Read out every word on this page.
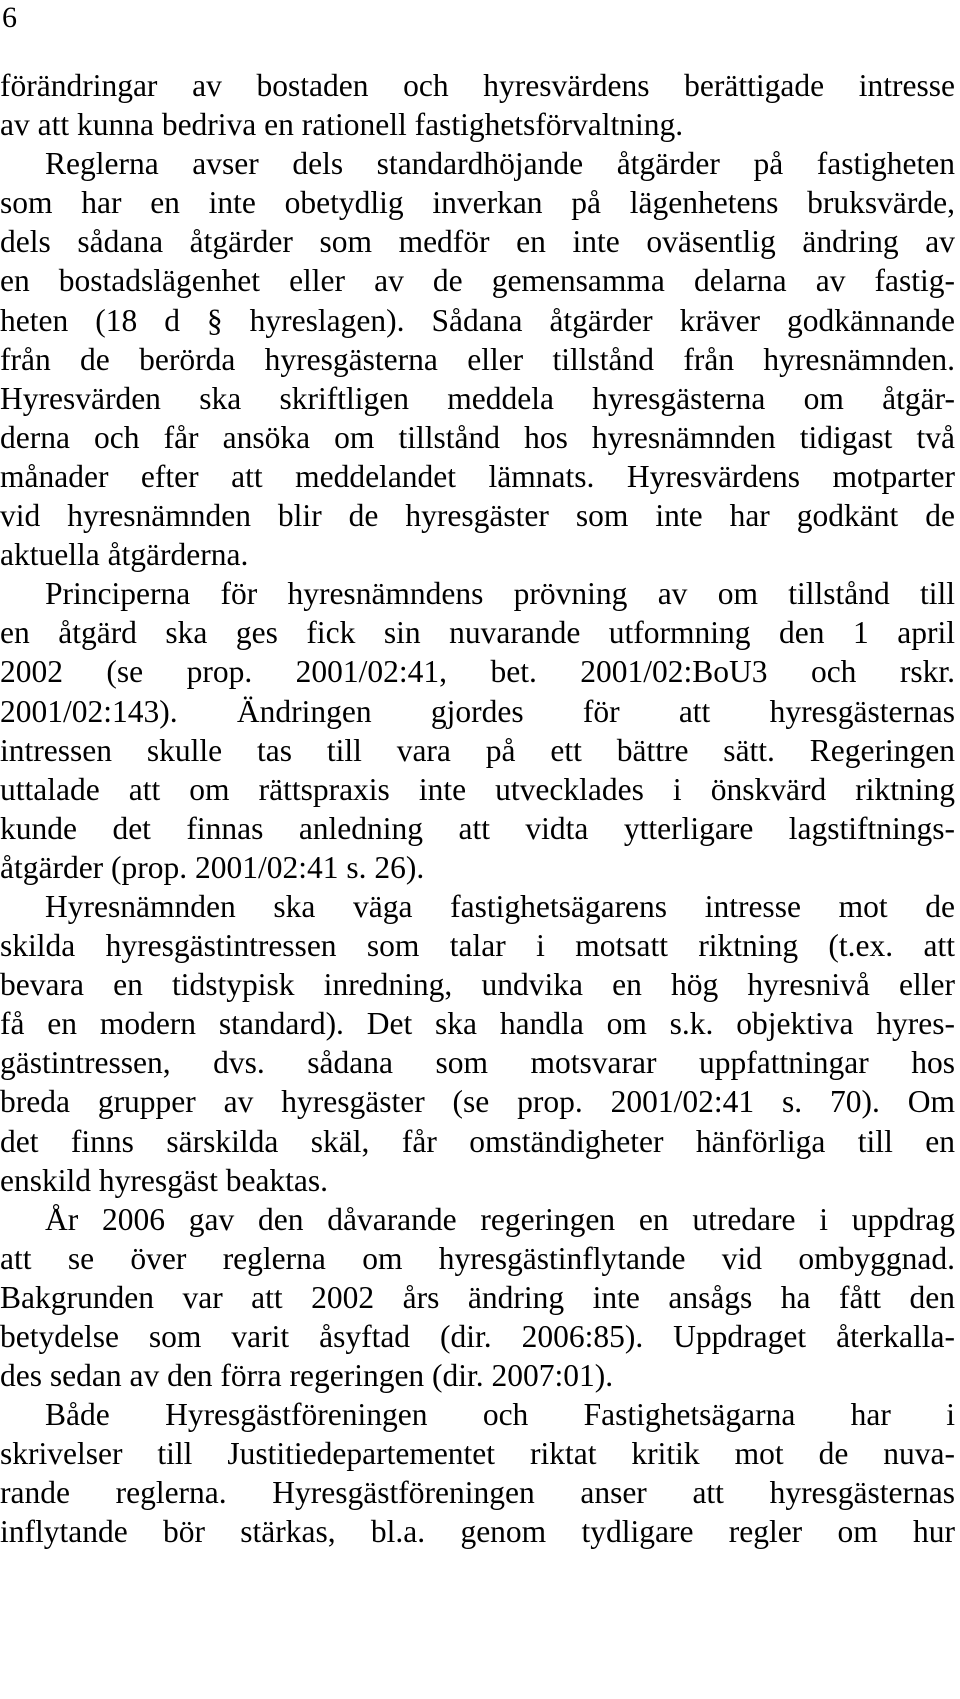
6
förändringar av bostaden och hyresvärdens berättigade intresse
av att kunna bedriva en rationell fastighetsförvaltning.
Reglerna avser dels standardhöjande åtgärder på fastigheten
som har en inte obetydlig inverkan på lägenhetens bruksvärde,
dels sådana åtgärder som medför en inte oväsentlig ändring av
en bostadslägenhet eller av de gemensamma delarna av fastig-
heten (18 d § hyreslagen). Sådana åtgärder kräver godkännande
från de berörda hyresgästerna eller tillstånd från hyresnämnden.
Hyresvärden ska skriftligen meddela hyresgästerna om åtgär-
derna och får ansöka om tillstånd hos hyresnämnden tidigast två
månader efter att meddelandet lämnats. Hyresvärdens motparter
vid hyresnämnden blir de hyresgäster som inte har godkänt de
aktuella åtgärderna.
Principerna för hyresnämndens prövning av om tillstånd till
en åtgärd ska ges fick sin nuvarande utformning den 1 april
2002 (se prop. 2001/02:41, bet. 2001/02:BoU3 och rskr.
2001/02:143). Ändringen gjordes för att hyresgästernas
intressen skulle tas till vara på ett bättre sätt. Regeringen
uttalade att om rättspraxis inte utvecklades i önskvärd riktning
kunde det finnas anledning att vidta ytterligare lagstiftnings-
åtgärder (prop. 2001/02:41 s. 26).
Hyresnämnden ska väga fastighetsägarens intresse mot de
skilda hyresgästintressen som talar i motsatt riktning (t.ex. att
bevara en tidstypisk inredning, undvika en hög hyresnivå eller
få en modern standard). Det ska handla om s.k. objektiva hyres-
gästintressen, dvs. sådana som motsvarar uppfattningar hos
breda grupper av hyresgäster (se prop. 2001/02:41 s. 70). Om
det finns särskilda skäl, får omständigheter hänförliga till en
enskild hyresgäst beaktas.
År 2006 gav den dåvarande regeringen en utredare i uppdrag
att se över reglerna om hyresgästinflytande vid ombyggnad.
Bakgrunden var att 2002 års ändring inte ansågs ha fått den
betydelse som varit åsyftad (dir. 2006:85). Uppdraget återkalla-
des sedan av den förra regeringen (dir. 2007:01).
Både Hyresgästföreningen och Fastighetsägarna har i
skrivelser till Justitiedepartementet riktat kritik mot de nuva-
rande reglerna. Hyresgästföreningen anser att hyresgästernas
inflytande bör stärkas, bl.a. genom tydligare regler om hur
